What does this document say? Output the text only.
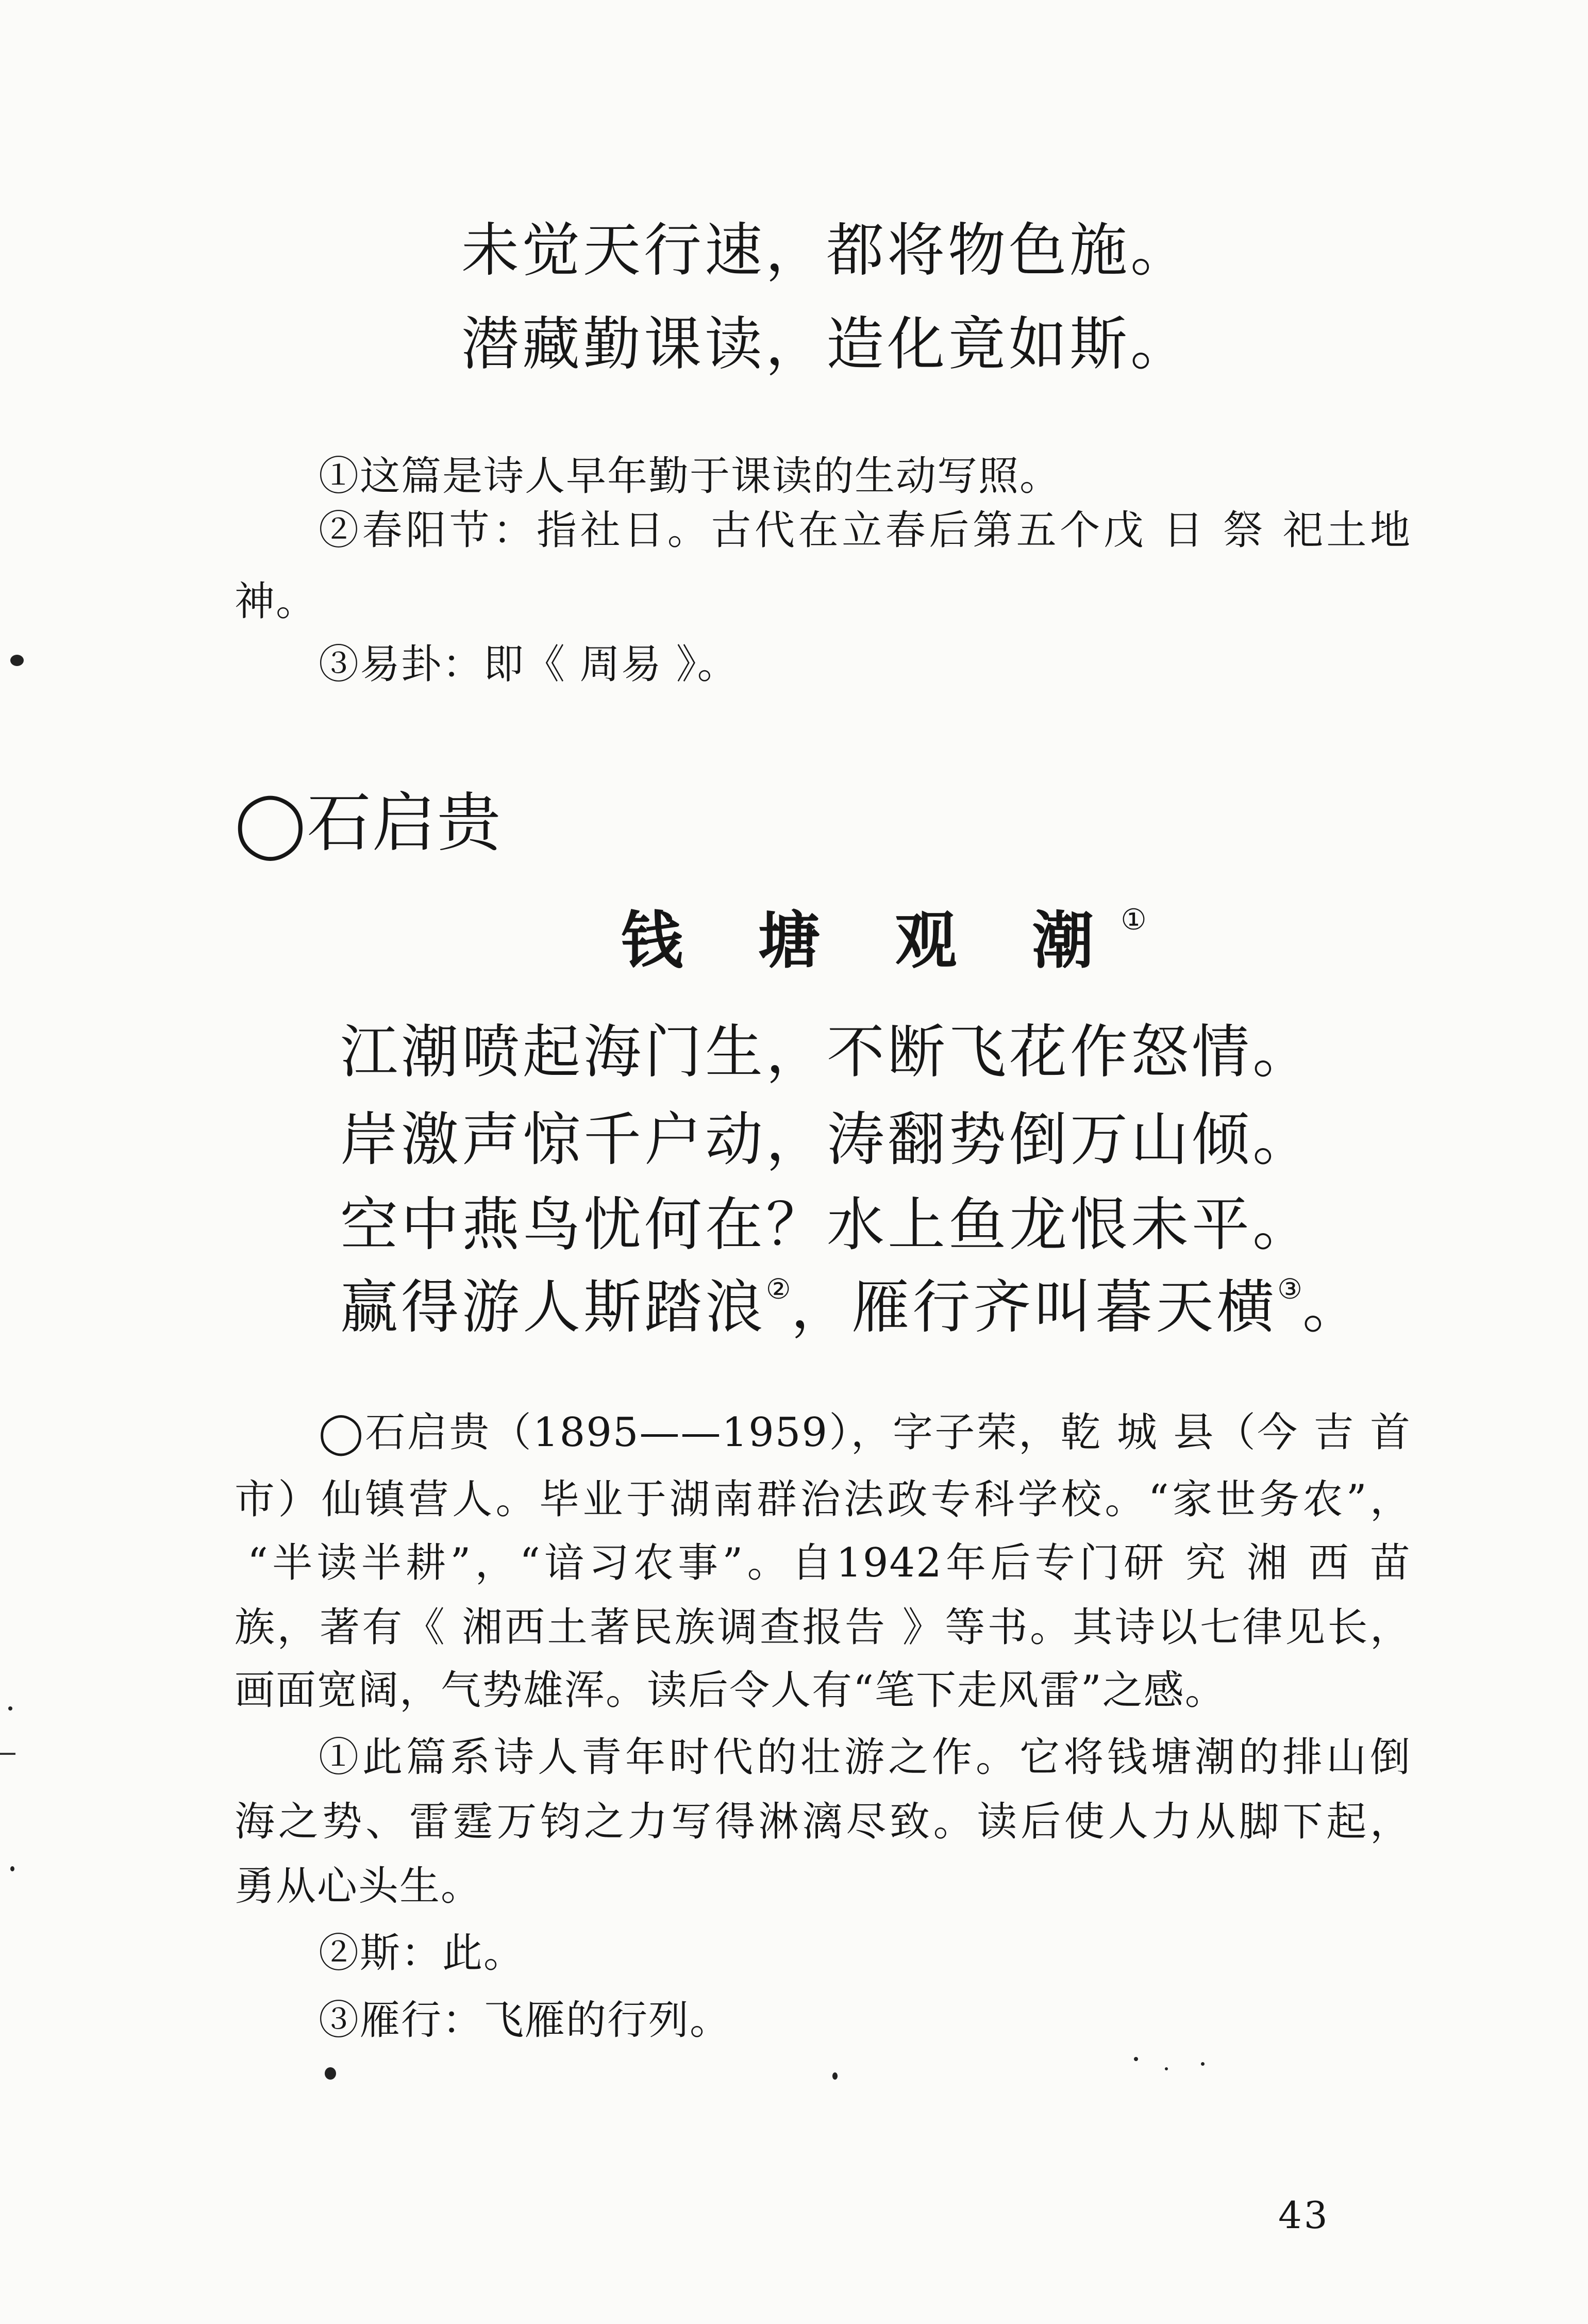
未觉天行速，都将物色施。
潜藏勤课读，造化竟如斯。
①这篇是诗人早年勤于课读的生动写照。
②春阳节：指社日。古代在立春后第五个戊 日 祭 祀土地
神。
③易卦：即《 周易 》。
◯石启贵
钱 塘 观 潮①
江潮喷起海门生，不断飞花作怒情。
岸激声惊千户动，涛翻势倒万山倾。
空中燕鸟忧何在？水上鱼龙恨未平。
赢得游人斯踏浪②，雁行齐叫暮天横③。
◯石启贵（1895——1959），字子荣，乾 城 县（今 吉 首
市）仙镇营人。毕业于湖南群治法政专科学校。“家世务农”，
“半读半耕”，“谙习农事”。自1942年后专门研 究 湘 西 苗
族，著有《 湘西土著民族调查报告 》等书。其诗以七律见长，
画面宽阔，气势雄浑。读后令人有“笔下走风雷”之感。
①此篇系诗人青年时代的壮游之作。它将钱塘潮的排山倒
海之势、雷霆万钧之力写得淋漓尽致。读后使人力从脚下起，
勇从心头生。
②斯：此。
③雁行：飞雁的行列。
43
